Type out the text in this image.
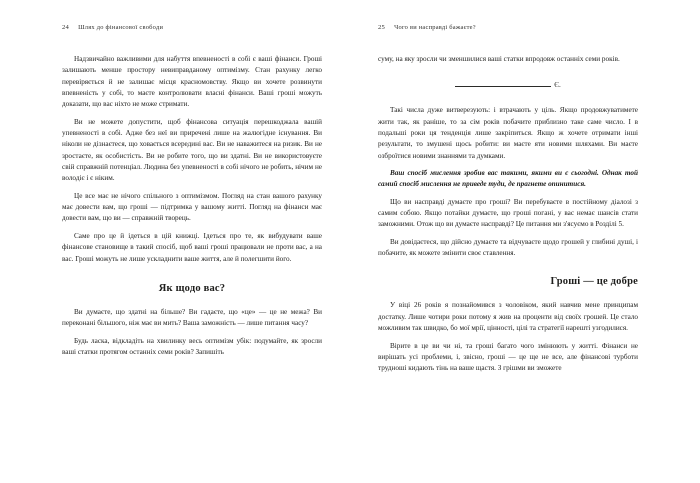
24 Шлях до фінансової свободи

Надзвичайно важливими для набуття впевненості в собі є ваші фінанси. Гроші залишають менше простору невиправданому оптимізму. Стан рахунку легко перевіряється й не залишає місця красномовству. Якщо ви хочете розвинути впевненість у собі, то маєте контролювати власні фінанси. Ваші гроші можуть доказати, що вас ніхто не може стримати.

Ви не можете допустити, щоб фінансова ситуація перешкоджала вашій упевненості в собі. Адже без неї ви приречені лише на жалюгідне існування. Ви ніколи не дізнаєтеся, що ховається всередині вас. Ви не наважитеся на ризик. Ви не зростаєте, як особистість. Ви не робите того, що ви здатні. Ви не використовуєте свій справжній потенціал. Людина без упевненості в собі нічого не робить, нічим не володіє і є ніким.

Це все має не нічого спільного з оптимізмом. Погляд на стан вашого рахунку має довести вам, що гроші — підтримка у вашому житті. Погляд на фінанси має довести вам, що ви — справжній творець.

Саме про це й ідеться в цій книжці. Ідеться про те, як вибудувати ваше фінансове становище в такий спосіб, щоб ваші гроші працювали не проти вас, а на вас. Гроші можуть не лише ускладнити ваше життя, але й полегшити його.

Як щодо вас?

Ви думаєте, що здатні на більше? Ви гадаєте, що «це» — це не межа? Ви переконані більшого, ніж має ви мить? Ваша заможність — лише питання часу?

Будь ласка, відкладіть на хвилинку весь оптимізм убік: подумайте, як зросли ваші статки протягом останніх семи років? Запишіть

25 Чого ви насправді бажаєте?

суму, на яку зросли чи зменшилися ваші статки впродовж останніх семи років.

Є.

Такі числа дуже витверезують: і втрачають у ціль. Якщо продовжуватимете жити так, як раніше, то за сім років побачите приблизно таке саме число. І в подальші роки ця тенденція лише закріпиться. Якщо ж хочете отримати інші результати, то змушені щось робити: ви маєте яти новими шляхами. Ви маєте озброїтися новими знаннями та думками.

Ваш спосіб мислення зробив вас такими, якими ви є сьогодні. Однак той самий спосіб мислення не приведе туди, де прагнете опинитися.

Що ви насправді думаєте про гроші? Ви перебуваєте в постійному діалозі з самим собою. Якщо потайки думаєте, що гроші погані, у вас немає шансів стати заможними. Отож що ви думаєте насправді? Це питання ми з'ясуємо в Розділі 5.

Ви довідаєтеся, що дійсно думаєте та відчуваєте щодо грошей у глибині душі, і побачите, як можете змінити своє ставлення.

Гроші — це добре

У віці 26 років я познайомився з чоловіком, який навчив мене принципам достатку. Лише чотири роки потому я жив на проценти від своїх грошей. Це стало можливим так швидко, бо мої мрії, цінності, цілі та стратегії нарешті узгодилися.

Вірите в це ви чи ні, та гроші багато чого змінюють у житті. Фінанси не вирішать усі проблеми, і, звісно, гроші — це ще не все, але фінансові турботи трудноші кидають тінь на ваше щастя. З грішми ви зможете
